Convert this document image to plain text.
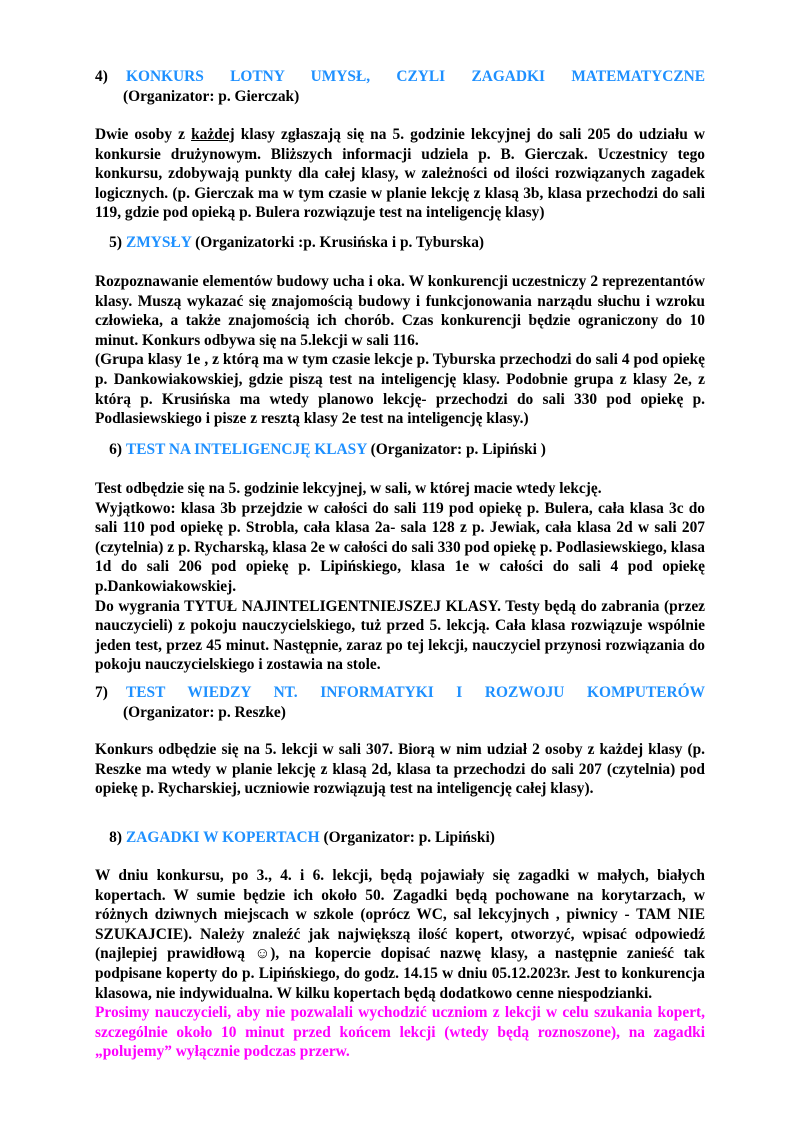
4) KONKURS LOTNY UMYSŁ, CZYLI ZAGADKI MATEMATYCZNE
(Organizator: p. Gierczak)

Dwie osoby z każdej klasy zgłaszają się na 5. godzinie lekcyjnej do sali 205 do udziału w konkursie drużynowym. Bliższych informacji udziela p. B. Gierczak. Uczestnicy tego konkursu, zdobywają punkty dla całej klasy, w zależności od ilości rozwiązanych zagadek logicznych. (p. Gierczak ma w tym czasie w planie lekcję z klasą 3b, klasa przechodzi do sali 119, gdzie pod opieką p. Bulera rozwiązuje test na inteligencję klasy)

5) ZMYSŁY (Organizatorki :p. Krusińska i p. Tyburska)

Rozpoznawanie elementów budowy ucha i oka. W konkurencji uczestniczy 2 reprezentantów klasy. Muszą wykazać się znajomością budowy i funkcjonowania narządu słuchu i wzroku człowieka, a także znajomością ich chorób. Czas konkurencji będzie ograniczony do 10 minut. Konkurs odbywa się na 5.lekcji w sali 116.

(Grupa klasy 1e , z którą ma w tym czasie lekcje p. Tyburska przechodzi do sali 4 pod opiekę p. Dankowiakowskiej, gdzie piszą test na inteligencję klasy. Podobnie grupa z klasy 2e, z którą p. Krusińska ma wtedy planowo lekcję- przechodzi do sali 330 pod opiekę p. Podlasiewskiego i pisze z resztą klasy 2e test na inteligencję klasy.)

6) TEST NA INTELIGENCJĘ KLASY (Organizator: p. Lipiński )

Test odbędzie się na 5. godzinie lekcyjnej, w sali, w której macie wtedy lekcję.

Wyjątkowo: klasa 3b przejdzie w całości do sali 119 pod opiekę p. Bulera, cała klasa 3c do sali 110 pod opiekę p. Strobla, cała klasa 2a- sala 128 z p. Jewiak, cała klasa 2d w sali 207 (czytelnia) z p. Rycharską, klasa 2e w całości do sali 330 pod opiekę p. Podlasiewskiego, klasa 1d do sali 206 pod opiekę p. Lipińskiego, klasa 1e w całości do sali 4 pod opiekę p.Dankowiakowskiej.

Do wygrania TYTUŁ NAJINTELIGENTNIEJSZEJ KLASY. Testy będą do zabrania (przez nauczycieli) z pokoju nauczycielskiego, tuż przed 5. lekcją. Cała klasa rozwiązuje wspólnie jeden test, przez 45 minut. Następnie, zaraz po tej lekcji, nauczyciel przynosi rozwiązania do pokoju nauczycielskiego i zostawia na stole.

7) TEST WIEDZY NT. INFORMATYKI I ROZWOJU KOMPUTERÓW
(Organizator: p. Reszke)

Konkurs odbędzie się na 5. lekcji w sali 307. Biorą w nim udział 2 osoby z każdej klasy (p. Reszke ma wtedy w planie lekcję z klasą 2d, klasa ta przechodzi do sali 207 (czytelnia) pod opiekę p. Rycharskiej, uczniowie rozwiązują test na inteligencję całej klasy).

8) ZAGADKI W KOPERTACH (Organizator: p. Lipiński)

W dniu konkursu, po 3., 4. i 6. lekcji, będą pojawiały się zagadki w małych, białych kopertach. W sumie będzie ich około 50. Zagadki będą pochowane na korytarzach, w różnych dziwnych miejscach w szkole (oprócz WC, sal lekcyjnych , piwnicy - TAM NIE SZUKAJCIE). Należy znaleźć jak największą ilość kopert, otworzyć, wpisać odpowiedź (najlepiej prawidłową ☺), na kopercie dopisać nazwę klasy, a następnie zanieść tak podpisane koperty do p. Lipińskiego, do godz. 14.15 w dniu 05.12.2023r. Jest to konkurencja klasowa, nie indywidualna. W kilku kopertach będą dodatkowo cenne niespodzianki.

Prosimy nauczycieli, aby nie pozwalali wychodzić uczniom z lekcji w celu szukania kopert, szczególnie około 10 minut przed końcem lekcji (wtedy będą roznoszone), na zagadki „polujemy” wyłącznie podczas przerw.
